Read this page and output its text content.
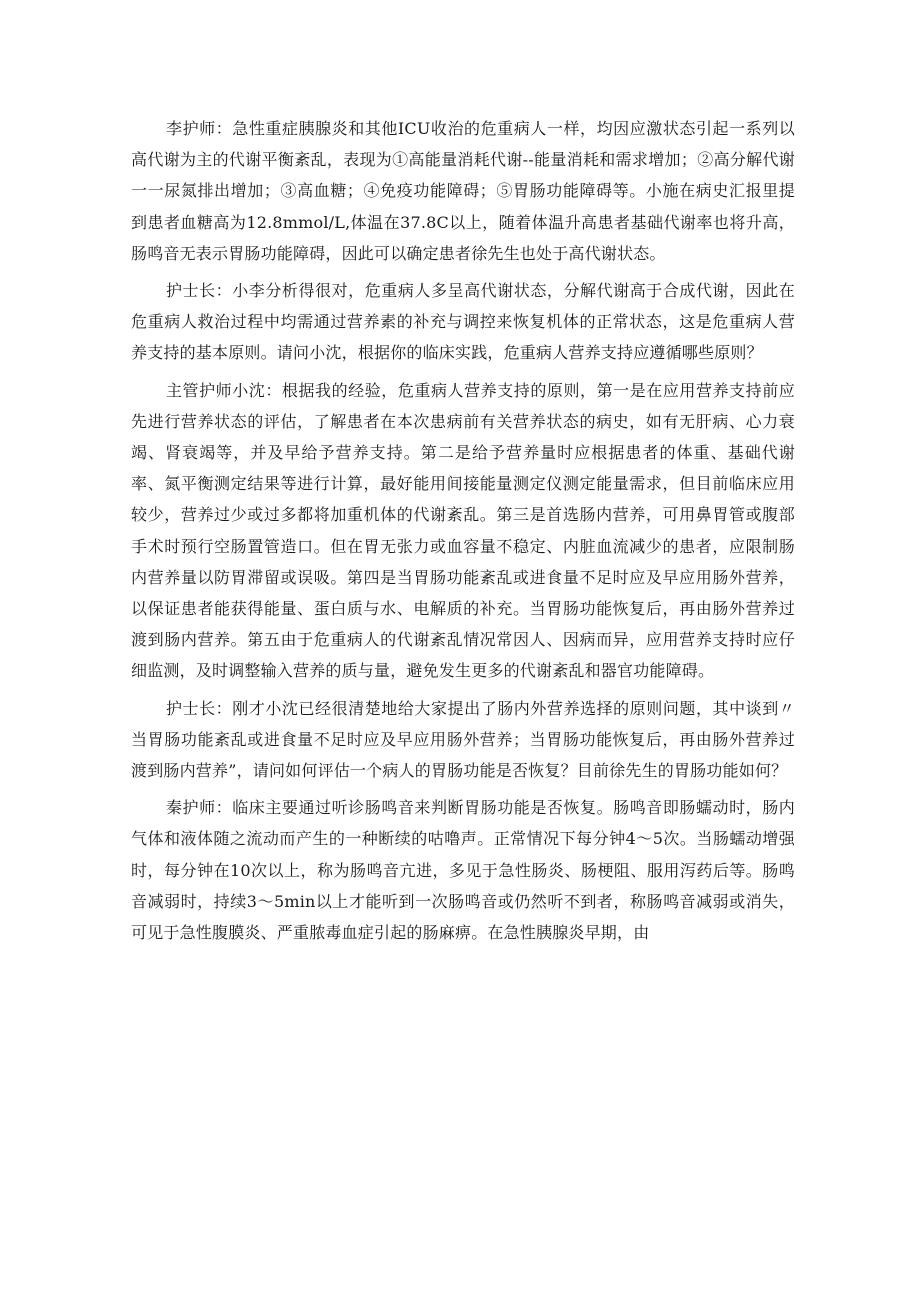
李护师：急性重症胰腺炎和其他ICU收治的危重病人一样，均因应激状态引起一系列以高代谢为主的代谢平衡紊乱，表现为①高能量消耗代谢--能量消耗和需求增加；②高分解代谢一一尿氮排出增加；③高血糖；④免疫功能障碍；⑤胃肠功能障碍等。小施在病史汇报里提到患者血糖高为12.8mmol∕L,体温在37.8C以上，随着体温升高患者基础代谢率也将升高，肠鸣音无表示胃肠功能障碍，因此可以确定患者徐先生也处于高代谢状态。

护士长：小李分析得很对，危重病人多呈高代谢状态，分解代谢高于合成代谢，因此在危重病人救治过程中均需通过营养素的补充与调控来恢复机体的正常状态，这是危重病人营养支持的基本原则。请问小沈，根据你的临床实践，危重病人营养支持应遵循哪些原则？

主管护师小沈：根据我的经验，危重病人营养支持的原则，第一是在应用营养支持前应先进行营养状态的评估，了解患者在本次患病前有关营养状态的病史，如有无肝病、心力衰竭、肾衰竭等，并及早给予营养支持。第二是给予营养量时应根据患者的体重、基础代谢率、氮平衡测定结果等进行计算，最好能用间接能量测定仪测定能量需求，但目前临床应用较少，营养过少或过多都将加重机体的代谢紊乱。第三是首选肠内营养，可用鼻胃管或腹部手术时预行空肠置管造口。但在胃无张力或血容量不稳定、内脏血流减少的患者，应限制肠内营养量以防胃滞留或误吸。第四是当胃肠功能紊乱或进食量不足时应及早应用肠外营养，以保证患者能获得能量、蛋白质与水、电解质的补充。当胃肠功能恢复后，再由肠外营养过渡到肠内营养。第五由于危重病人的代谢紊乱情况常因人、因病而异，应用营养支持时应仔细监测，及时调整输入营养的质与量，避免发生更多的代谢紊乱和器官功能障碍。

护士长：刚才小沈已经很清楚地给大家提出了肠内外营养选择的原则问题，其中谈到〃当胃肠功能紊乱或进食量不足时应及早应用肠外营养；当胃肠功能恢复后，再由肠外营养过渡到肠内营养”，请问如何评估一个病人的胃肠功能是否恢复？目前徐先生的胃肠功能如何？

秦护师：临床主要通过听诊肠鸣音来判断胃肠功能是否恢复。肠鸣音即肠蠕动时，肠内气体和液体随之流动而产生的一种断续的咕噜声。正常情况下每分钟4～5次。当肠蠕动增强时，每分钟在10次以上，称为肠鸣音亢进，多见于急性肠炎、肠梗阻、服用泻药后等。肠鸣音减弱时，持续3～5min以上才能听到一次肠鸣音或仍然听不到者，称肠鸣音减弱或消失，可见于急性腹膜炎、严重脓毒血症引起的肠麻痹。在急性胰腺炎早期，由
